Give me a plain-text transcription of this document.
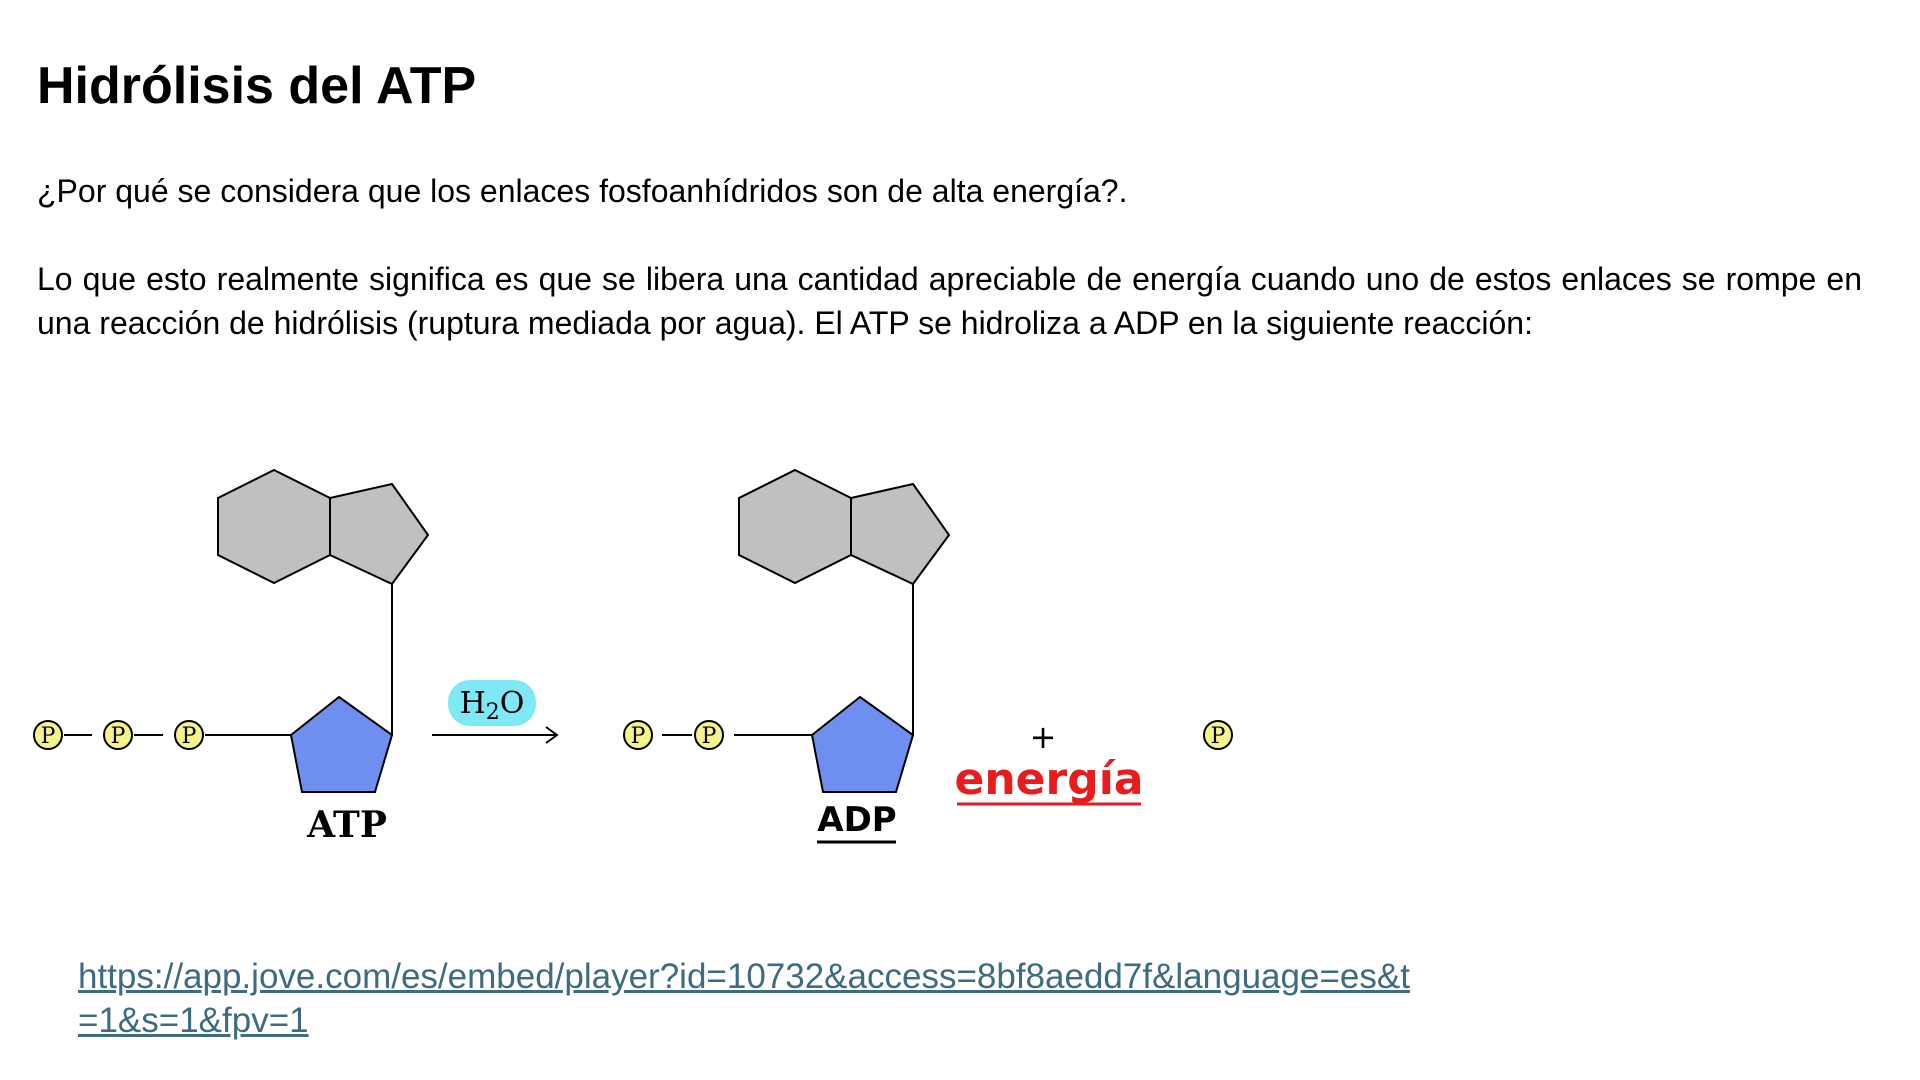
Hidrólisis del ATP

¿Por qué se considera que los enlaces fosfoanhídridos son de alta energía?.

Lo que esto realmente significa es que se libera una cantidad apreciable de energía cuando uno de estos enlaces se rompe en una reacción de hidrólisis (ruptura mediada por agua). El ATP se hidroliza a ADP en la siguiente reacción:

P	P	P
ATP
$H_2O$
P	P
ADP
+
energía
P
https://app.jove.com/es/embed/player?id=10732&access=8bf8aedd7f&language=es&t=1&s=1&fpv=1
